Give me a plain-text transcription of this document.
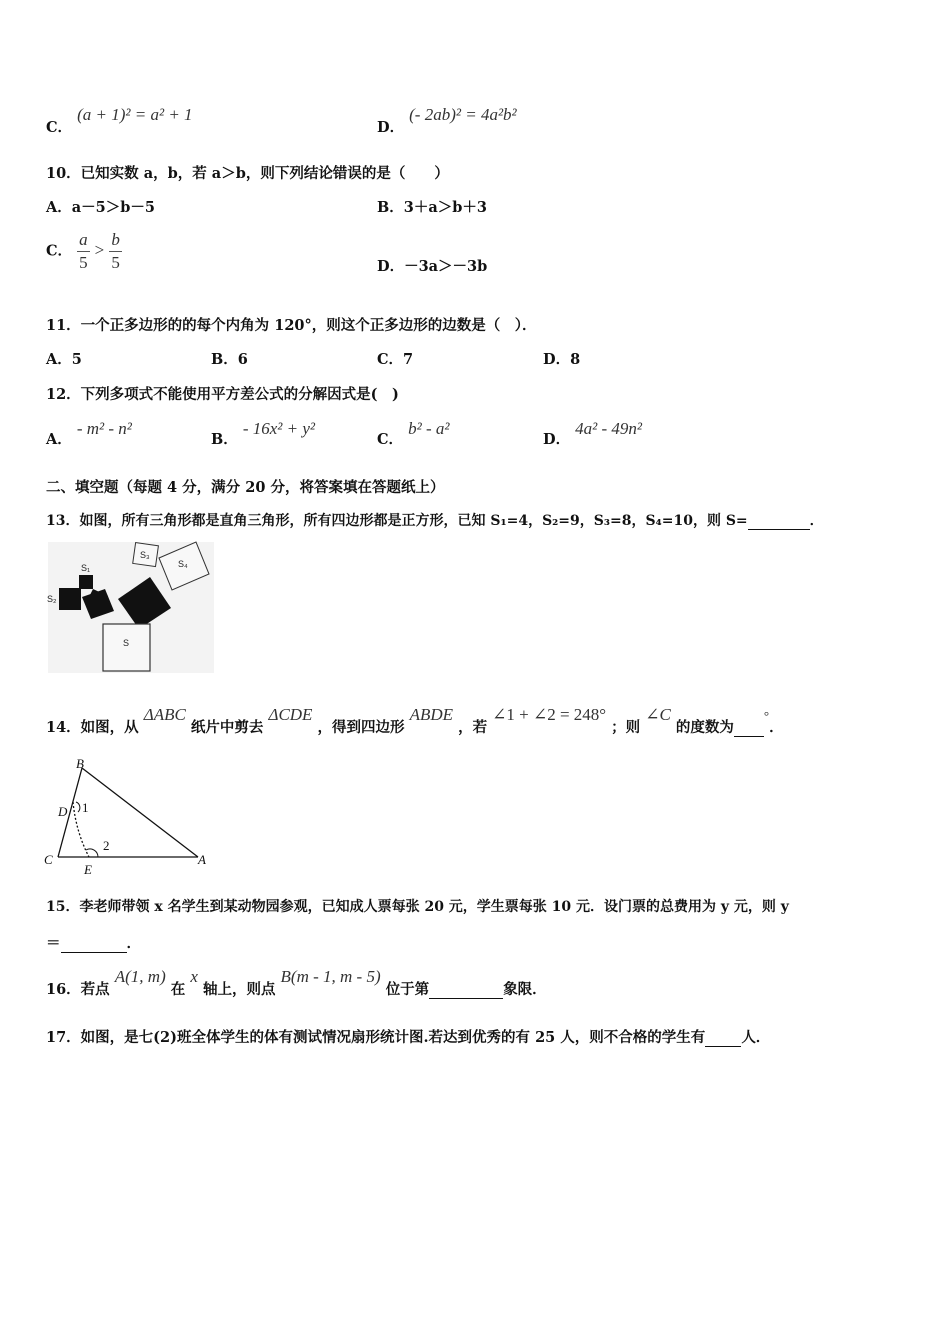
C． (a + 1)² = a² + 1
D． (- 2ab)² = 4a²b²
10．已知实数 a，b，若 a＞b，则下列结论错误的是（　　）
A．a－5＞b－5	B．3＋a＞b＋3
C． $\frac{a}{5} > \frac{b}{5}$	D．－3a＞－3b
11．一个正多边形的的每个内角为 120°，则这个正多边形的边数是（　）．
A．5	B．6	C．7	D．8
12．下列多项式不能使用平方差公式的分解因式是(　)
A． - m² - n²
B． - 16x² + y²
C． b² - a²
D． 4a² - 49n²
二、填空题（每题 4 分，满分 20 分，将答案填在答题纸上）
13．如图，所有三角形都是直角三角形，所有四边形都是正方形，已知 S₁=4，S₂=9，S₃=8，S₄=10，则 S=	．
S₂
S₁
S₃
S₄
S
14．如图，从 ΔABC 纸片中剪去 ΔCDE ，得到四边形 ABDE ，若 ∠1 + ∠2 = 248° ；则 ∠C 的度数为 °．
B
D 1
2
C
E
A
15．李老师带领 x 名学生到某动物园参观，已知成人票每张 20 元，学生票每张 10 元．设门票的总费用为 y 元，则 y
＝	．
16．若点 A(1, m) 在 x 轴上，则点 B(m - 1, m - 5) 位于第	象限．
17．如图，是七(2)班全体学生的体有测试情况扇形统计图.若达到优秀的有 25 人，则不合格的学生有 人．
